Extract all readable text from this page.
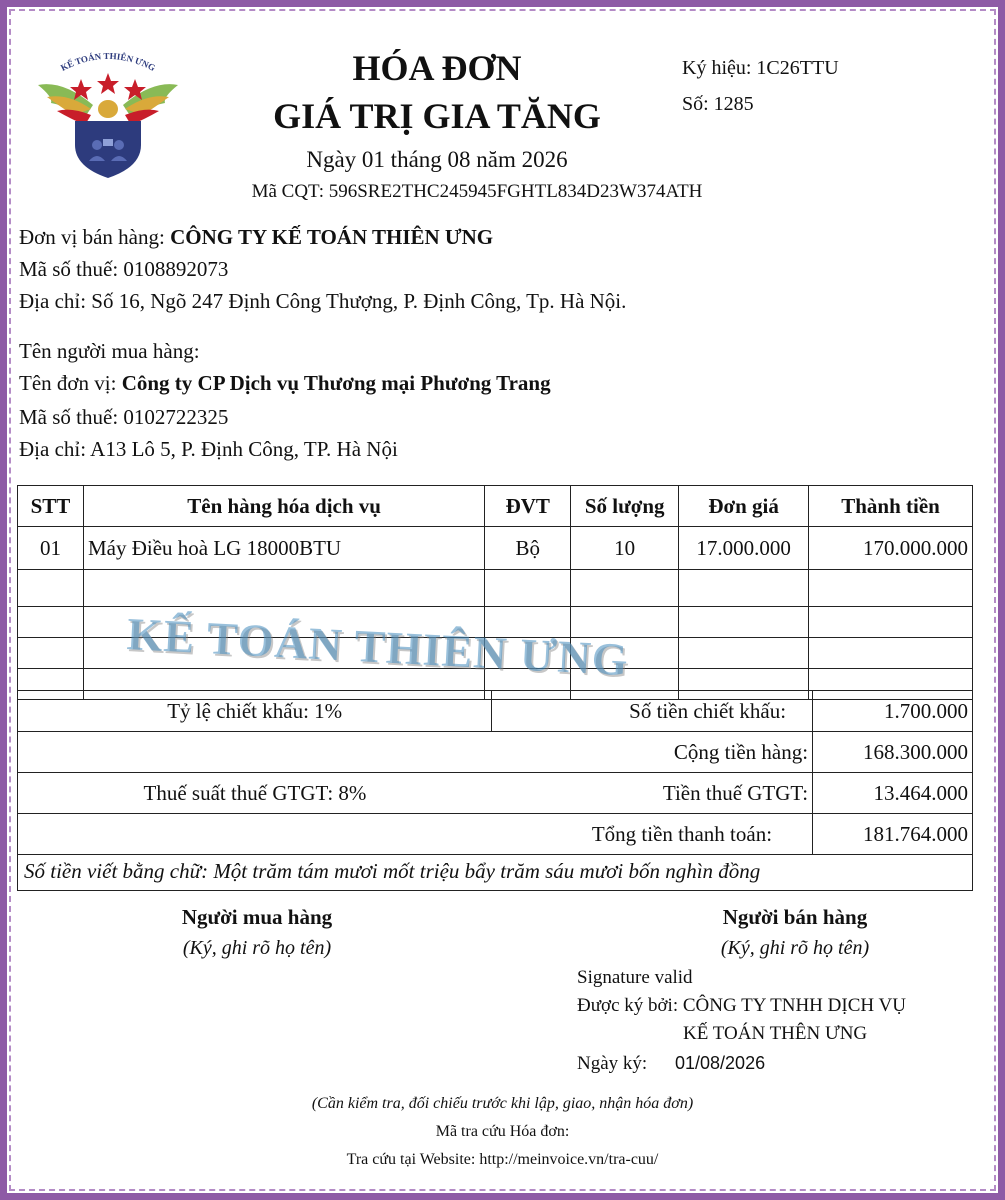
KẾ TOÁN THIÊN ƯNG	HÓA ĐƠN
GIÁ TRỊ GIA TĂNG
Ngày 01 tháng 08 năm 2026
Mã CQT: 596SRE2THC245945FGHTL834D23W374ATH
Ký hiệu: 1C26TTU
Số: 1285
Đơn vị bán hàng: CÔNG TY KẾ TOÁN THIÊN ƯNG
Mã số thuế: 0108892073
Địa chỉ: Số 16, Ngõ 247 Định Công Thượng, P. Định Công, Tp. Hà Nội.
Tên người mua hàng:
Tên đơn vị: Công ty CP Dịch vụ Thương mại Phương Trang
Mã số thuế: 0102722325
Địa chỉ: A13 Lô 5, P. Định Công, TP. Hà Nội
STT	Tên hàng hóa dịch vụ	ĐVT	Số lượng	Đơn giá	Thành tiền
01	Máy Điều hoà LG 18000BTU	Bộ	10	17.000.000	170.000.000

KẾ TOÁN THIÊN ƯNG
Tỷ lệ chiết khấu: 1%	Số tiền chiết khấu:	1.700.000
Cộng tiền hàng:		168.300.000
Thuế suất thuế GTGT: 8%	Tiền thuế GTGT:	13.464.000
Tổng tiền thanh toán:		181.764.000
Số tiền viết bằng chữ: Một trăm tám mươi mốt triệu bẩy trăm sáu mươi bốn nghìn đồng
Người mua hàng
(Ký, ghi rõ họ tên)
Người bán hàng
(Ký, ghi rõ họ tên)
Signature valid
Được ký bởi: CÔNG TY TNHH DỊCH VỤ
KẾ TOÁN THÊN ƯNG
Ngày ký: 01/08/2026
(Cần kiểm tra, đối chiếu trước khi lập, giao, nhận hóa đơn)
Mã tra cứu Hóa đơn:
Tra cứu tại Website: http://meinvoice.vn/tra-cuu/
